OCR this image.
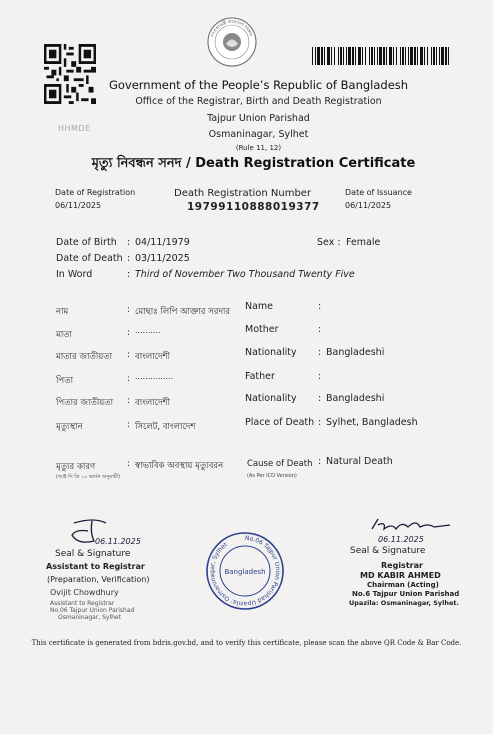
HHMDE
গণপ্রজাতন্ত্রী বাংলাদেশ সরকার
Government of the People’s Republic of Bangladesh
Office of the Registrar, Birth and Death Registration
Tajpur Union Parishad
Osmaninagar, Sylhet
(Rule 11, 12)
মৃত্যু নিবন্ধন সনদ / Death Registration Certificate
Date of Registration
06/11/2025
Death Registration Number
19799110888019377
Date of Issuance
06/11/2025
Date of Birth : 04/11/1979	Sex : Female
Date of Death : 03/11/2025
In Word	: Third of November Two Thousand Twenty Five
নাম	: মোছাঃ লিপি আক্তার সরদার Name	:
মাতা	: ..........	Mother	:
মাতার জাতীয়তা : বাংলাদেশী	Nationality : Bangladeshi
পিতা	: ...............	Father	:
পিতার জাতীয়তা : বাংলাদেশী	Nationality : Bangladeshi
মৃত্যুস্থান	: সিলেট, বাংলাদেশ	Place of Death : Sylhet, Bangladesh
মৃত্যুর কারণ
(আই সি ডি ১০ ভার্সন অনুযায়ী)
: স্বাভাবিক অবস্থায় মৃত্যুবরন	Cause of Death
(As Per ICD Version)
: Natural Death
06.11.2025
Seal & Signature
Assistant to Registrar
(Preparation, Verification)
Ovijit Chowdhury
Assistant to Registrar
No.06 Tajpur Union Parishad
Osmaninagar, Sylhet
No.06 Tajpur Union Parishad Upazila: Osmaninagar, Sylhet
Bangladesh
06.11.2025
Seal & Signature
Registrar
MD KABIR AHMED
Chairman (Acting)
No.6 Tajpur Union Parishad
Upazila: Osmaninagar, Sylhet.
This certificate is generated from bdris.gov.bd, and to verify this certificate, please scan the above QR Code & Bar Code.
